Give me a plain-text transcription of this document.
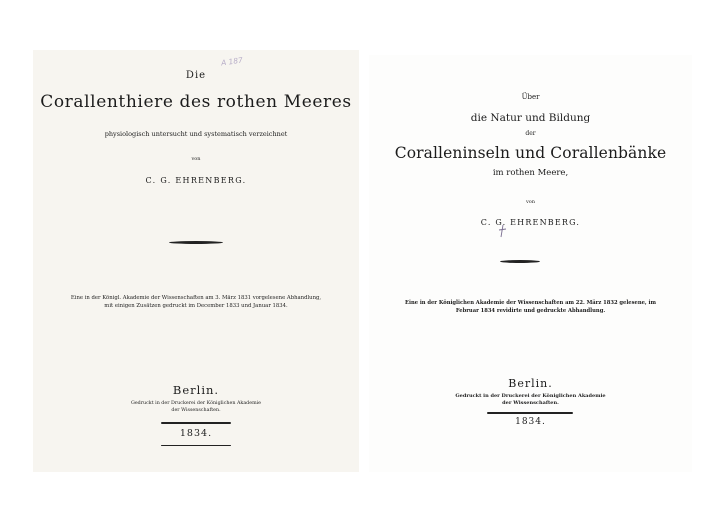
A 187
Die
Corallenthiere des rothen Meeres
physiologisch untersucht und systematisch verzeichnet
von
C. G. EHRENBERG.
Eine in der Königl. Akademie der Wissenschaften am 3. März 1831 vorgelesene Abhandlung,
mit einigen Zusätzen gedruckt im December 1833 und Januar 1834.
Berlin.
Gedruckt in der Druckerei der Königlichen Akademie
der Wissenschaften.
1834.
Über
die Natur und Bildung
der
Coralleninseln und Corallenbänke
im rothen Meere,
von
C. G. EHRENBERG.
Eine in der Königlichen Akademie der Wissenschaften am 22. März 1832 gelesene, im
Februar 1834 revidirte und gedruckte Abhandlung.
Berlin.
Gedruckt in der Druckerei der Königlichen Akademie
der Wissenschaften.
1834.
